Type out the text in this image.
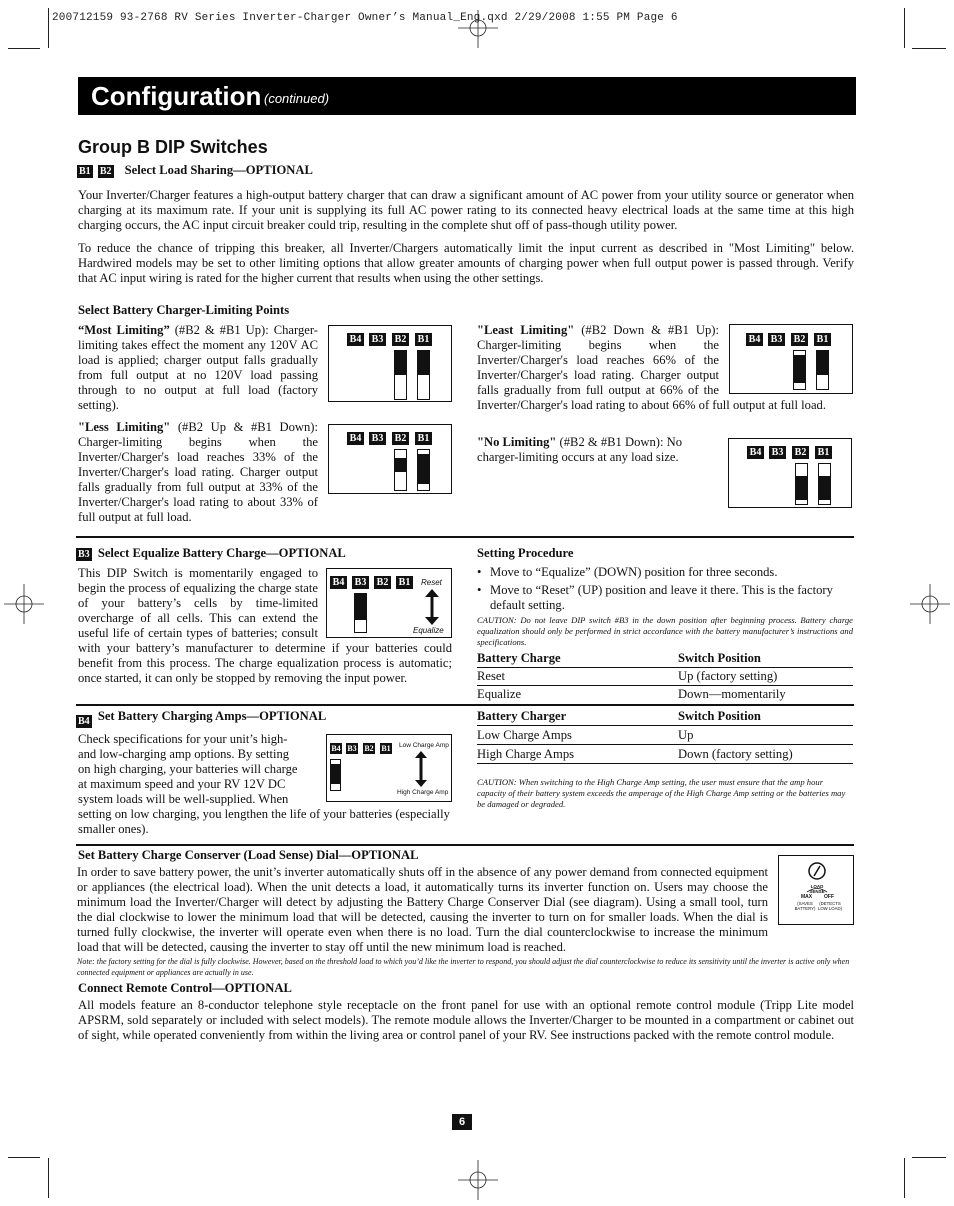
200712159 93-2768 RV Series Inverter-Charger Owner’s Manual_Eng.qxd 2/29/2008 1:55 PM Page 6
Configuration (continued)
Group B DIP Switches
B1 B2 Select Load Sharing—OPTIONAL

Your Inverter/Charger features a high-output battery charger that can draw a significant amount of AC power from your utility source or generator when charging at its maximum rate. If your unit is supplying its full AC power rating to its connected heavy electrical loads at the same time at this high charging occurs, the AC input circuit breaker could trip, resulting in the complete shut off of pass-though utility power.

To reduce the chance of tripping this breaker, all Inverter/Chargers automatically limit the input current as described in "Most Limiting" below. Hardwired models may be set to other limiting options that allow greater amounts of charging power when full output power is passed through. Verify that AC input wiring is rated for the higher current that results when using the other settings.

Select Battery Charger-Limiting Points
B4 B3 B2 B1
“Most Limiting” (#B2 & #B1 Up): Charger-limiting takes effect the moment any 120V AC load is applied; charger output falls gradually from full output at no 120V load passing through to no output at full load (factory setting).
B4 B3 B2 B1
"Less Limiting" (#B2 Up & #B1 Down): Charger-limiting begins when the Inverter/Charger's load reaches 33% of the Inverter/Charger's load rating. Charger output falls gradually from full output at 33% of the Inverter/Charger's load rating to about 33% of full output at full load.
B4 B3 B2 B1
"Least Limiting" (#B2 Down & #B1 Up): Charger-limiting begins when the Inverter/Charger's load reaches 66% of the Inverter/Charger's load rating. Charger output falls gradually from full output at 66% of the Inverter/Charger's load rating to about 66% of full output at full load.
"No Limiting" (#B2 & #B1 Down): No charger-limiting occurs at any load size.	B4 B3 B2 B1
B3 Select Equalize Battery Charge—OPTIONAL
B4 B3 B2 B1	Reset
Equalize
This DIP Switch is momentarily engaged to begin the process of equalizing the charge state of your battery’s cells by time-limited overcharge of all cells. This can extend the useful life of certain types of batteries; consult with your battery’s manufacturer to determine if your batteries could benefit from this process. The charge equalization process is automatic; once started, it can only be stopped by removing the input power.
Setting Procedure
• Move to “Equalize” (DOWN) position for three seconds.
• Move to “Reset” (UP) position and leave it there. This is the factory default setting.

CAUTION: Do not leave DIP switch #B3 in the down position after beginning process. Battery charge equalization should only be performed in strict accordance with the battery manufacturer’s instructions and specifications.

Battery Charge	Switch Position
Reset	Up (factory setting)
Equalize	Down—momentarily
B4 Set Battery Charging Amps—OPTIONAL
B4 B3 B2 B1 Low Charge Amp
High Charge Amp
Check specifications for your unit’s high- and low-charging amp options. By setting on high charging, your batteries will charge at maximum speed and your RV 12V DC system loads will be well-supplied. When setting on low charging, you lengthen the life of your batteries (especially smaller ones).
Battery Charger	Switch Position
Low Charge Amps	Up
High Charge Amps	Down (factory setting)

CAUTION: When switching to the High Charge Amp setting, the user must ensure that the amp hour capacity of their battery system exceeds the amperage of the High Charge Amp setting or the batteries may be damaged or degraded.

Set Battery Charge Conserver (Load Sense) Dial—OPTIONAL
LOAD SENSE
MAX OFF
(SAVES BATTERY)
(DETECTS LOW LOAD)
In order to save battery power, the unit’s inverter automatically shuts off in the absence of any power demand from connected equipment or appliances (the electrical load). When the unit detects a load, it automatically turns its inverter function on. Users may choose the minimum load the Inverter/Charger will detect by adjusting the Battery Charge Conserver Dial (see diagram). Using a small tool, turn the dial clockwise to lower the minimum load that will be detected, causing the inverter to turn on for smaller loads. When the dial is turned fully clockwise, the inverter will operate even when there is no load. Turn the dial counterclockwise to increase the minimum load that will be detected, causing the inverter to stay off until the new minimum load is reached.

Note: the factory setting for the dial is fully clockwise. However, based on the threshold load to which you’d like the inverter to respond, you should adjust the dial counterclockwise to reduce its sensitivity until the inverter is active only when connected equipment or appliances are actually in use.

Connect Remote Control—OPTIONAL

All models feature an 8-conductor telephone style receptacle on the front panel for use with an optional remote control module (Tripp Lite model APSRM, sold separately or included with select models). The remote module allows the Inverter/Charger to be mounted in a compartment or cabinet out of sight, while operated conveniently from within the living area or control panel of your RV. See instructions packed with the remote control module.

6
